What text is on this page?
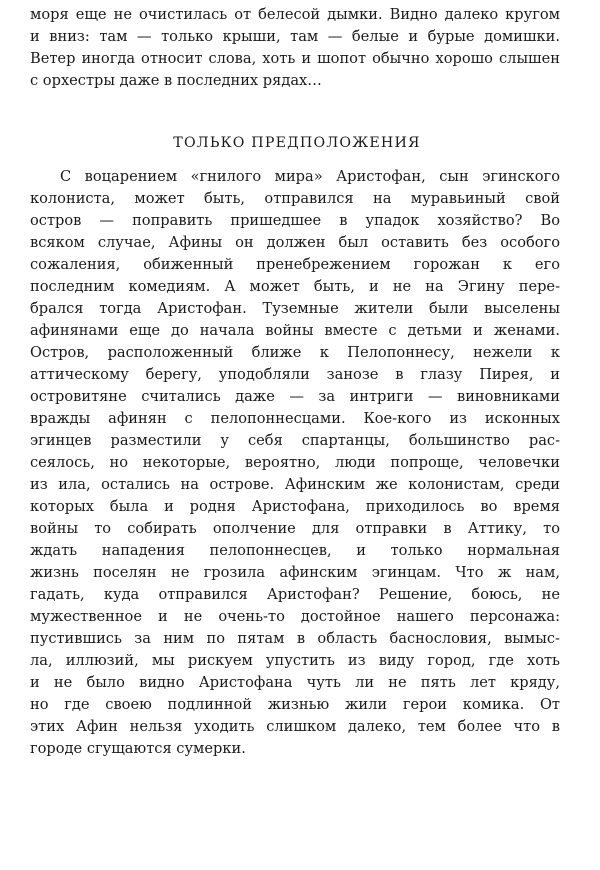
моря еще не очистилась от белесой дымки. Видно далеко кругом
и вниз: там — только крыши, там — белые и бурые домишки.
Ветер иногда относит слова, хоть и шопот обычно хорошо слышен
с орхестры даже в последних рядах…
ТОЛЬКО ПРЕДПОЛОЖЕНИЯ
С воцарением «гнилого мира» Аристофан, сын эгинского
колониста, может быть, отправился на муравьиный свой
остров — поправить пришедшее в упадок хозяйство? Во
всяком случае, Афины он должен был оставить без особого
сожаления, обиженный пренебрежением горожан к его
последним комедиям. А может быть, и не на Эгину пере-
брался тогда Аристофан. Туземные жители были выселены
афинянами еще до начала войны вместе с детьми и женами.
Остров, расположенный ближе к Пелопоннесу, нежели к
аттическому берегу, уподобляли занозе в глазу Пирея, и
островитяне считались даже — за интриги — виновниками
вражды афинян с пелопоннесцами. Кое-кого из исконных
эгинцев разместили у себя спартанцы, большинство рас-
сеялось, но некоторые, вероятно, люди попроще, человечки
из ила, остались на острове. Афинским же колонистам, среди
которых была и родня Аристофана, приходилось во время
войны то собирать ополчение для отправки в Аттику, то
ждать нападения пелопоннесцев, и только нормальная
жизнь поселян не грозила афинским эгинцам. Что ж нам,
гадать, куда отправился Аристофан? Решение, боюсь, не
мужественное и не очень-то достойное нашего персонажа:
пустившись за ним по пятам в область баснословия, вымыс-
ла, иллюзий, мы рискуем упустить из виду город, где хоть
и не было видно Аристофана чуть ли не пять лет кряду,
но где своею подлинной жизнью жили герои комика. От
этих Афин нельзя уходить слишком далеко, тем более что в
городе сгущаются сумерки.
